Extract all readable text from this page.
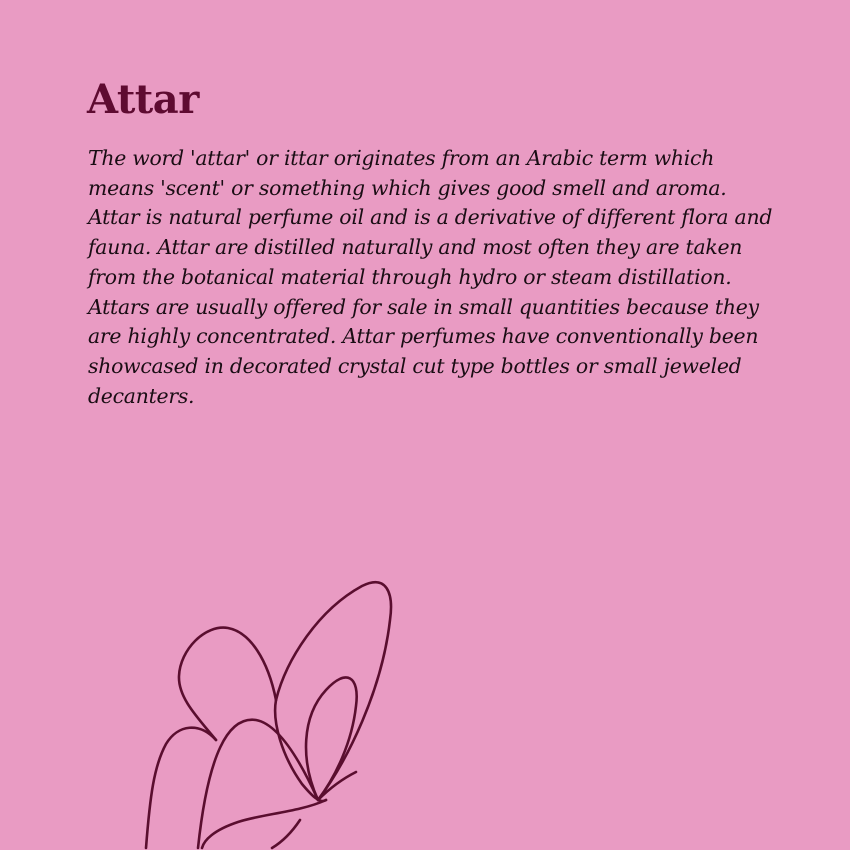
Attar

The word 'attar' or ittar originates from an Arabic term which means 'scent' or something which gives good smell and aroma. Attar is natural perfume oil and is a derivative of different flora and fauna. Attar are distilled naturally and most often they are taken from the botanical material through hydro or steam distillation. Attars are usually offered for sale in small quantities because they are highly concentrated. Attar perfumes have conventionally been showcased in decorated crystal cut type bottles or small jeweled decanters.
